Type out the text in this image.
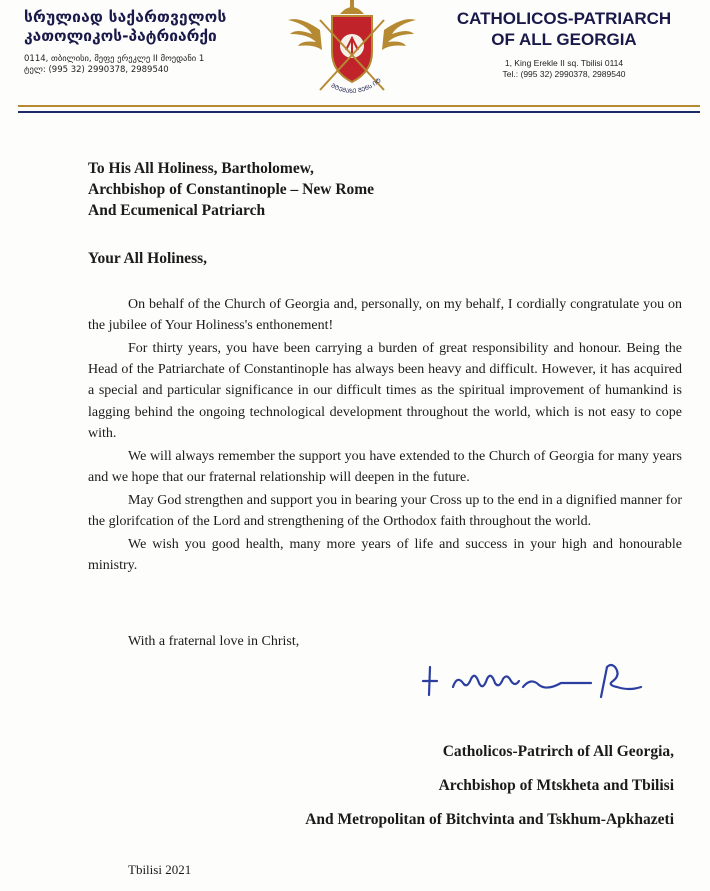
სრულიად საქართველოს
კათოლიკოს-პატრიარქი
0114, თბილისი, მეფე ერეკლე II მოედანი 1
ტელ: (995 32) 2990378, 2989540
ᲛᲢᲔᲛᲐᲖᲔ ᲨᲔᲜᲡ ᲘᲢ
CATHOLICOS-PATRIARCH
OF ALL GEORGIA
1, King Erekle II sq. Tbilisi 0114
Tel.: (995 32) 2990378, 2989540
To His All Holiness, Bartholomew,
Archbishop of Constantinople – New Rome
And Ecumenical Patriarch
Your All Holiness,

On behalf of the Church of Georgia and, personally, on my behalf, I cordially congratulate you on the jubilee of Your Holiness's enthonement!

For thirty years, you have been carrying a burden of great responsibility and honour. Being the Head of the Patriarchate of Constantinople has always been heavy and difficult. However, it has acquired a special and particular significance in our difficult times as the spiritual improvement of humankind is lagging behind the ongoing technological development throughout the world, which is not easy to cope with.

We will always remember the support you have extended to the Church of Geoɾgia for many years and we hope that our fraternal relationship will deepen in the future.

May God strengthen and support you in bearing your Cross up to the end in a dignified manner for the glorifcation of the Lord and strengthening of the Orthodox faith throughout the world.

We wish you good health, many more years of life and success in your high and honourable ministry.

With a fraternal love in Christ,
Catholicos-Patrirch of All Georgia,
Archbishop of Mtskheta and Tbilisi
And Metropolitan of Bitchvinta and Tskhum-Apkhazeti
Tbilisi 2021
